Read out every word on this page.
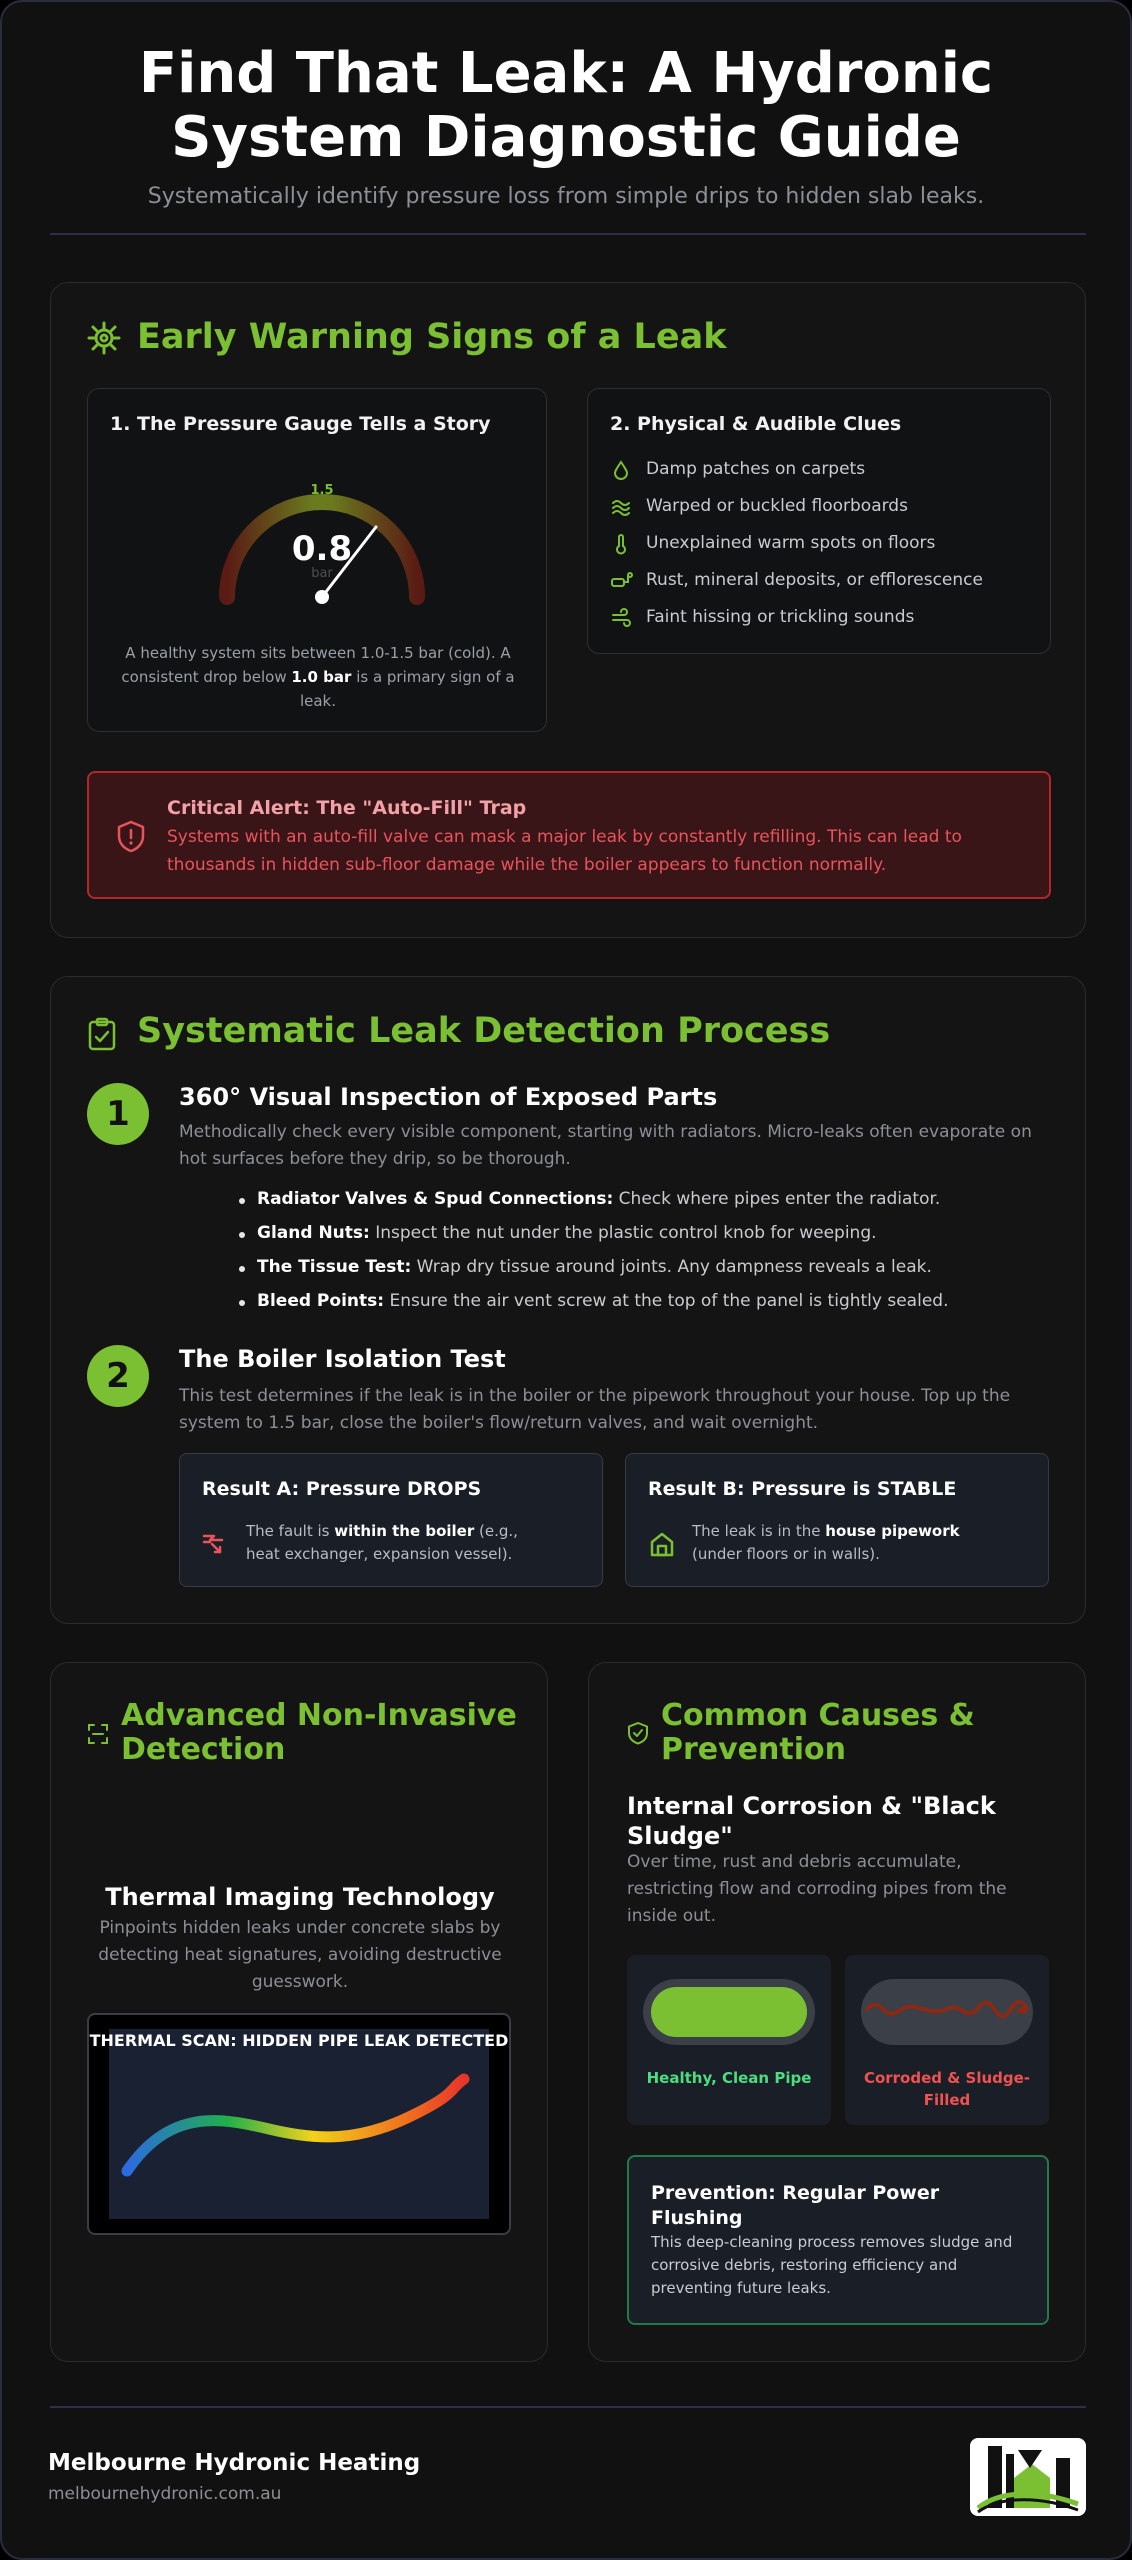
Find That Leak: A Hydronic System Diagnostic Guide
Systematically identify pressure loss from simple drips to hidden slab leaks.
Early Warning Signs of a Leak
1. The Pressure Gauge Tells a Story
bar
1.5
0.8
A healthy system sits between 1.0-1.5 bar (cold). A consistent drop below 1.0 bar is a primary sign of a leak.
2. Physical & Audible Clues
Damp patches on carpets
Warped or buckled floorboards
Unexplained warm spots on floors
Rust, mineral deposits, or efflorescence
Faint hissing or trickling sounds
Critical Alert: The "Auto-Fill" Trap
Systems with an auto-fill valve can mask a major leak by constantly refilling. This can lead to thousands in hidden sub-floor damage while the boiler appears to function normally.
Systematic Leak Detection Process
1	360° Visual Inspection of Exposed Parts
Methodically check every visible component, starting with radiators. Micro-leaks often evaporate on hot surfaces before they drip, so be thorough.
Radiator Valves & Spud Connections: Check where pipes enter the radiator.
Gland Nuts: Inspect the nut under the plastic control knob for weeping.
The Tissue Test: Wrap dry tissue around joints. Any dampness reveals a leak.
Bleed Points: Ensure the air vent screw at the top of the panel is tightly sealed.
2	The Boiler Isolation Test
This test determines if the leak is in the boiler or the pipework throughout your house. Top up the system to 1.5 bar, close the boiler's flow/return valves, and wait overnight.
Result A: Pressure DROPS
The fault is within the boiler (e.g., heat exchanger, expansion vessel).
Result B: Pressure is STABLE
The leak is in the house pipework (under floors or in walls).
Advanced Non-Invasive Detection
Thermal Imaging Technology
Pinpoints hidden leaks under concrete slabs by detecting heat signatures, avoiding destructive guesswork.
THERMAL SCAN: HIDDEN PIPE LEAK DETECTED
Common Causes & Prevention
Internal Corrosion & "Black Sludge"
Over time, rust and debris accumulate, restricting flow and corroding pipes from the inside out.
Healthy, Clean Pipe	Corroded & Sludge-Filled
Prevention: Regular Power Flushing
This deep-cleaning process removes sludge and corrosive debris, restoring efficiency and preventing future leaks.
Melbourne Hydronic Heating
melbournehydronic.com.au
